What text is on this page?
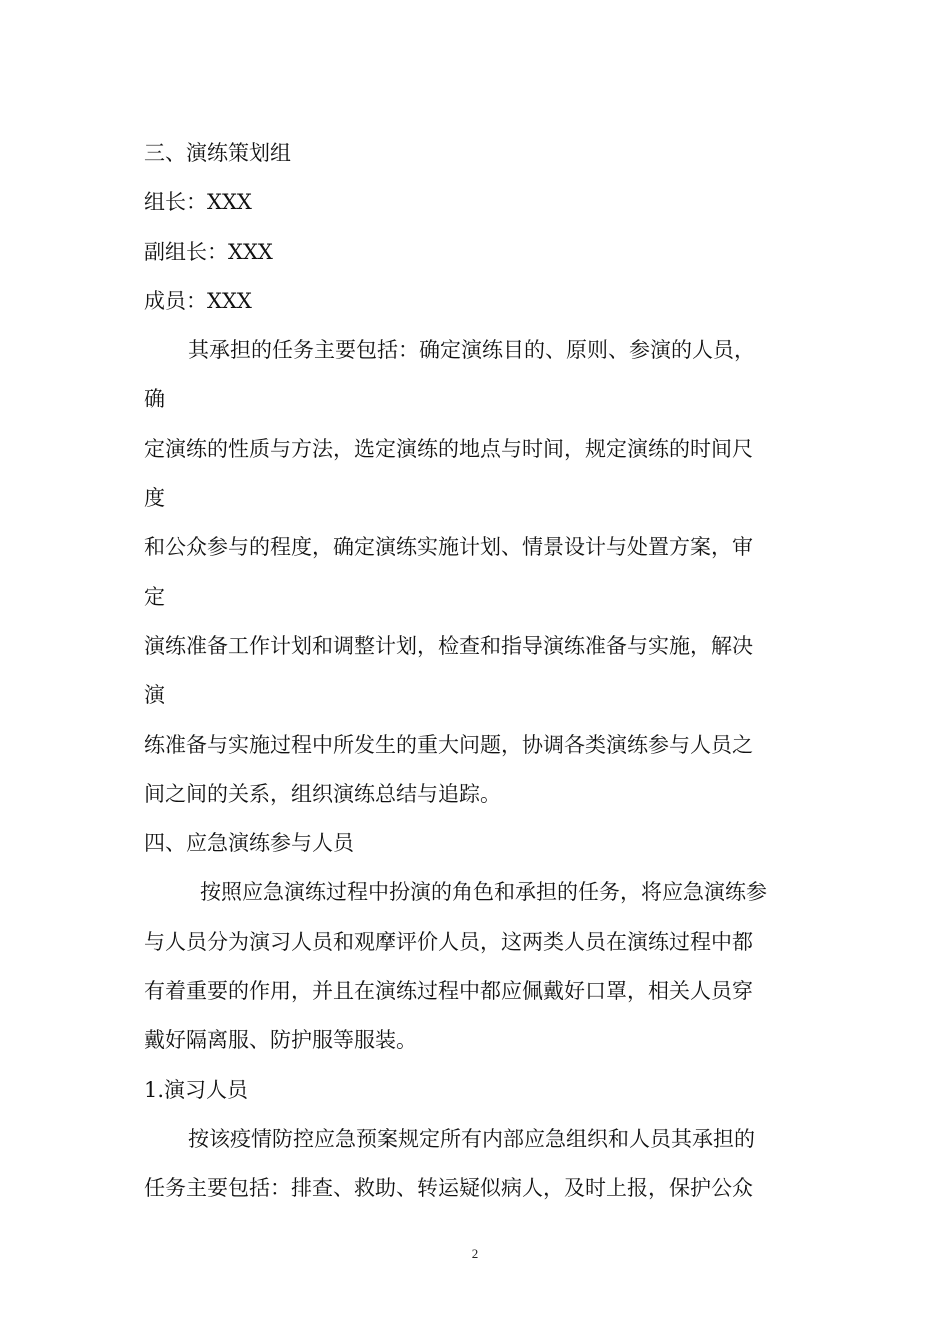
三、演练策划组
组长：XXX
副组长：XXX
成员：XXX
其承担的任务主要包括：确定演练目的、原则、参演的人员，
确
定演练的性质与方法，选定演练的地点与时间，规定演练的时间尺
度
和公众参与的程度，确定演练实施计划、情景设计与处置方案，审
定
演练准备工作计划和调整计划，检查和指导演练准备与实施，解决
演
练准备与实施过程中所发生的重大问题，协调各类演练参与人员之
间之间的关系，组织演练总结与追踪。
四、应急演练参与人员
按照应急演练过程中扮演的角色和承担的任务，将应急演练参
与人员分为演习人员和观摩评价人员，这两类人员在演练过程中都
有着重要的作用，并且在演练过程中都应佩戴好口罩，相关人员穿
戴好隔离服、防护服等服装。
1.演习人员
按该疫情防控应急预案规定所有内部应急组织和人员其承担的
任务主要包括：排查、救助、转运疑似病人，及时上报，保护公众
2
